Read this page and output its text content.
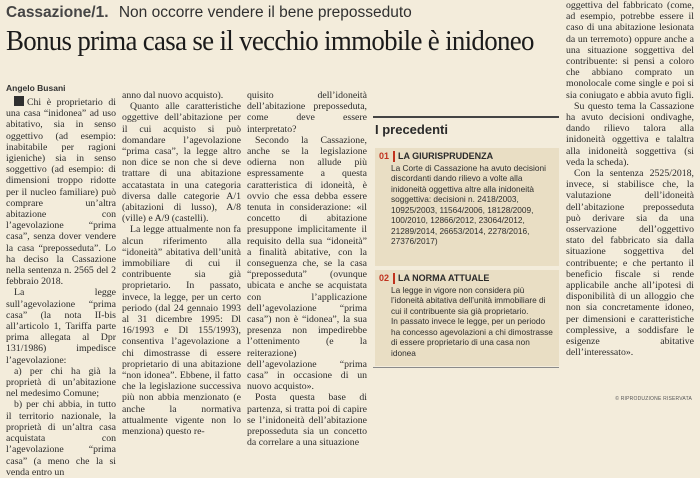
Cassazione/1. Non occorre vendere il bene preposseduto
Bonus prima casa se il vecchio immobile è inidoneo
Angelo Busani

Chi è proprietario di una casa “inidonea” ad uso abitativo, sia in senso oggettivo (ad esempio: inabitabile per ragioni igieniche) sia in senso soggettivo (ad esempio: di dimensioni troppo ridotte per il nucleo familiare) può comprare un’altra abitazione con l’agevolazione “prima casa”, senza dover vendere la casa “preposseduta”. Lo ha deciso la Cassazione nella sentenza n. 2565 del 2 febbraio 2018.

La legge sull’agevolazione “prima casa” (la nota II-bis all’articolo 1, Tariffa parte prima allegata al Dpr 131/1986) impedisce l’agevolazione:

a) per chi ha già la proprietà di un’abitazione nel medesimo Comune;

b) per chi abbia, in tutto il territorio nazionale, la proprietà di un’altra casa acquistata con l’agevolazione “prima casa” (a meno che la si venda entro un

anno dal nuovo acquisto).

Quanto alle caratteristiche oggettive dell’abitazione per il cui acquisto si può domandare l’agevolazione “prima casa”, la legge altro non dice se non che si deve trattare di una abitazione accatastata in una categoria diversa dalle categorie A/1 (abitazioni di lusso), A/8 (ville) e A/9 (castelli).

La legge attualmente non fa alcun riferimento alla “idoneità” abitativa dell’unità immobiliare di cui il contribuente sia già proprietario. In passato, invece, la legge, per un certo periodo (dal 24 gennaio 1993 al 31 dicembre 1995: Dl 16/1993 e Dl 155/1993), consentiva l’agevolazione a chi dimostrasse di essere proprietario di una abitazione “non idonea”. Ebbene, il fatto che la legislazione successiva più non abbia menzionato (e anche la normativa attualmente vigente non lo menziona) questo re-

quisito dell’idoneità dell’abitazione preposseduta, come deve essere interpretato?

Secondo la Cassazione, anche se la legislazione odierna non allude più espressamente a questa caratteristica di idoneità, è ovvio che essa debba essere tenuta in considerazione: «il concetto di abitazione presuppone implicitamente il requisito della sua “idoneità” a finalità abitative, con la conseguenza che, se la casa “preposseduta” (ovunque ubicata e anche se acquistata con l’applicazione dell’agevolazione “prima casa”) non è “idonea”, la sua presenza non impedirebbe l’ottenimento (e la reiterazione) dell’agevolazione “prima casa” in occasione di un nuovo acquisto».

Posta questa base di partenza, si tratta poi di capire se l’inidoneità dell’abitazione preposseduta sia un concetto da correlare a una situazione

I precedenti
01	LA GIURISPRUDENZA
La Corte di Cassazione ha avuto decisioni discordanti dando rilievo a volte alla inidoneità oggettiva altre alla inidoneità soggettiva: decisioni n. 2418/2003, 10925/2003, 11564/2006, 18128/2009, 100/2010, 12866/2012, 23064/2012, 21289/2014, 26653/2014, 2278/2016, 27376/2017)
02	LA NORMA ATTUALE
La legge in vigore non considera più l’idoneità abitativa dell’unità immobiliare di cui il contribuente sia già proprietario.
In passato invece le legge, per un periodo ha concesso agevolazioni a chi dimostrasse di essere proprietario di una casa non idonea

oggettiva del fabbricato (come, ad esempio, potrebbe essere il caso di una abitazione lesionata da un terremoto) oppure anche a una situazione soggettiva del contribuente: si pensi a coloro che abbiano comprato un monolocale come single e poi si sia coniugato e abbia avuto figli.

Su questo tema la Cassazione ha avuto decisioni ondivaghe, dando rilievo talora alla inidoneità oggettiva e talaltra alla inidoneità soggettiva (si veda la scheda).

Con la sentenza 2525/2018, invece, si stabilisce che, la valutazione dell’idoneità dell’abitazione preposseduta può derivare sia da una osservazione dell’oggettivo stato del fabbricato sia dalla situazione soggettiva del contribuente; e che pertanto il beneficio fiscale si rende applicabile anche all’ipotesi di disponibilità di un alloggio che non sia concretamente idoneo, per dimensioni e caratteristiche complessive, a soddisfare le esigenze abitative dell’interessato».

© RIPRODUZIONE RISERVATA
